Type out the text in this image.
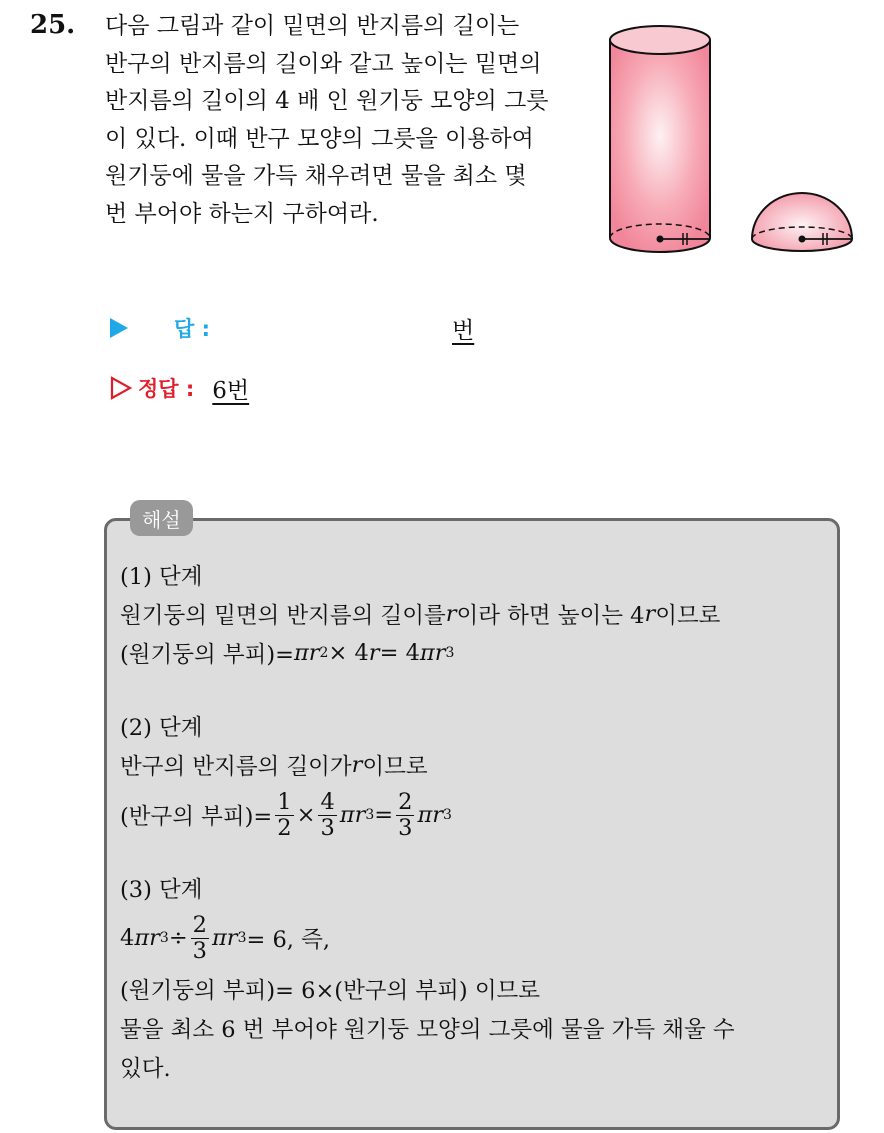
25. 다음 그림과 같이 밑면의 반지름의 길이는
반구의 반지름의 길이와 같고 높이는 밑면의
반지름의 길이의 4 배 인 원기둥 모양의 그릇
이 있다. 이때 반구 모양의 그릇을 이용하여
원기둥에 물을 가득 채우려면 물을 최소 몇
번 부어야 하는지 구하여라.
답 :	번
정답 : 6번
해설
(1) 단계
원기둥의 밑면의 반지름의 길이를 r 이라 하면 높이는 4 r 이므로
(원기둥의 부피)= π r 2 × 4 r = 4 π r 3
(2) 단계
반구의 반지름의 길이가 r 이므로
(반구의 부피)= $\frac{1}{2} \times \frac{4}{3}$ π r $3 = \frac{2}{3}$ π r 3
(3) 단계
4 π r $3 \div \frac{2}{3}$ π r 3 = 6, 즉,
(원기둥의 부피)= 6×(반구의 부피) 이므로
물을 최소 6 번 부어야 원기둥 모양의 그릇에 물을 가득 채울 수
있다.
